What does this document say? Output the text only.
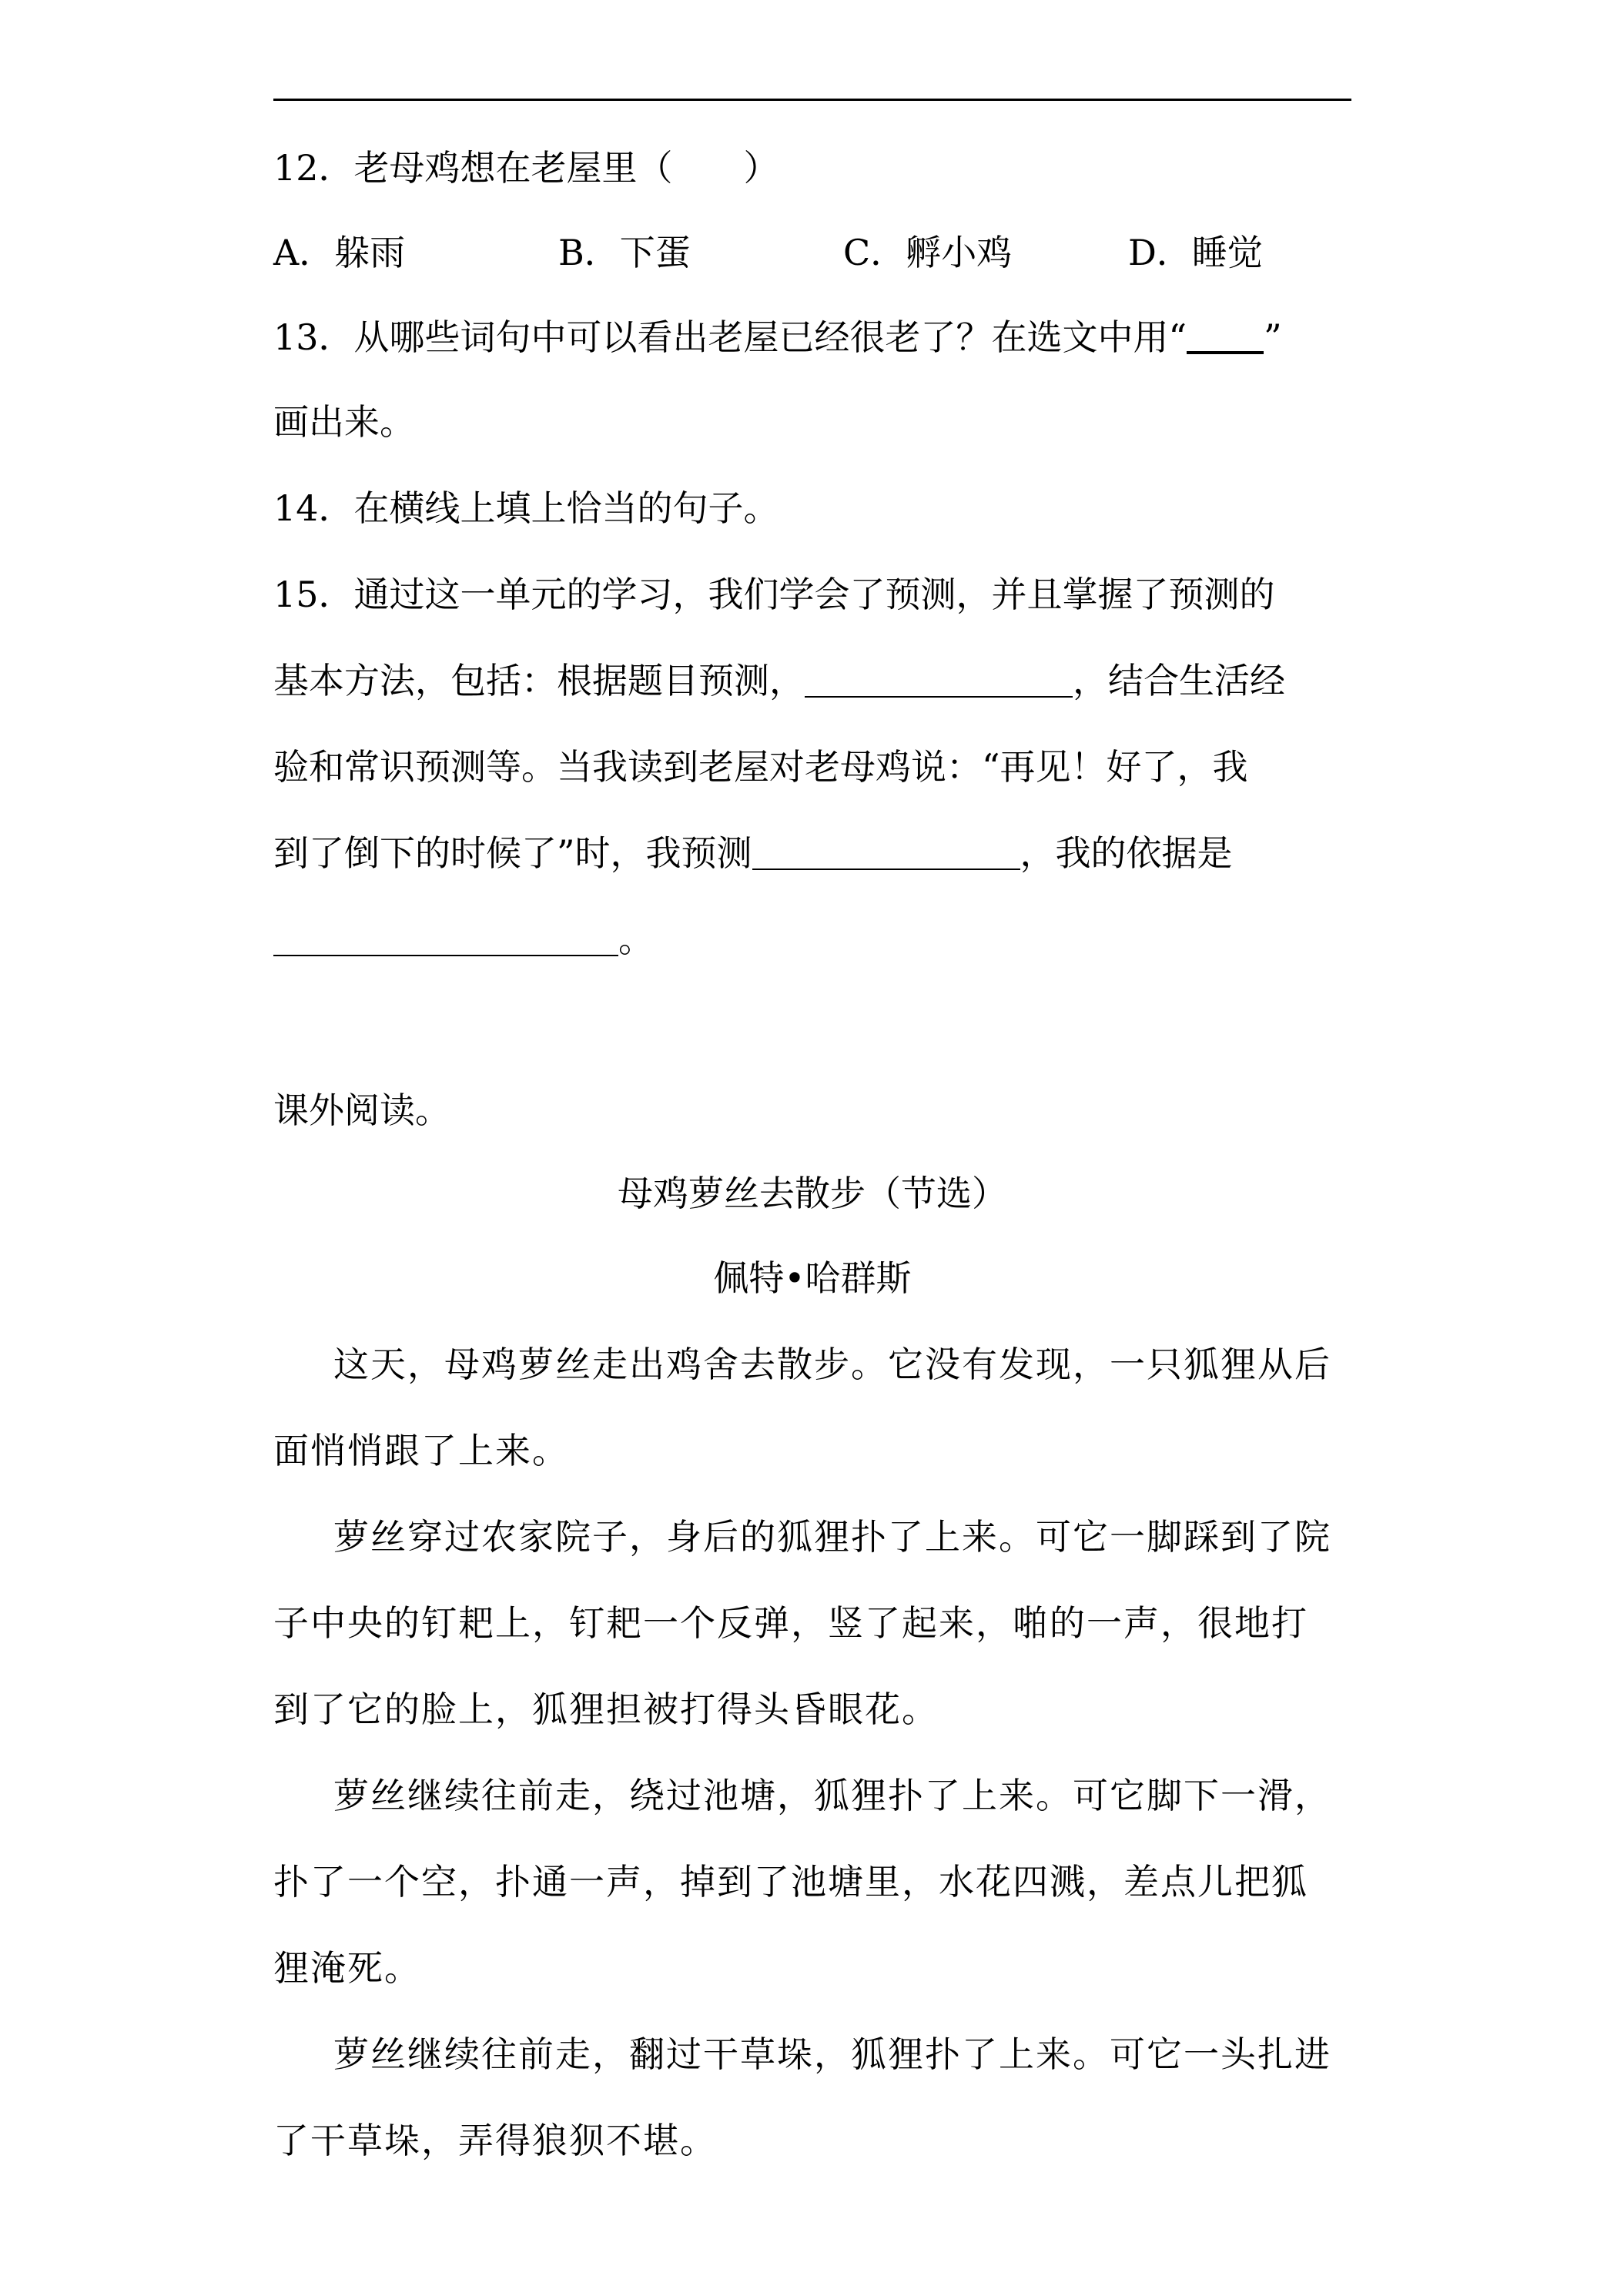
12．老母鸡想在老屋里（　　）
A．躲雨	B．下蛋	C．孵小鸡	D．睡觉
13．从哪些词句中可以看出老屋已经很老了？在选文中用“ ”
画出来。
14．在横线上填上恰当的句子。
15．通过这一单元的学习，我们学会了预测，并且掌握了预测的
基本方法，包括：根据题目预测，	，结合生活经
验和常识预测等。当我读到老屋对老母鸡说：“再见！好了，我
到了倒下的时候了”时，我预测	，我的依据是
。
课外阅读。
母鸡萝丝去散步（节选）
佩特•哈群斯
这天，母鸡萝丝走出鸡舍去散步。它没有发现，一只狐狸从后
面悄悄跟了上来。
萝丝穿过农家院子，身后的狐狸扑了上来。可它一脚踩到了院
子中央的钉耙上，钉耙一个反弹，竖了起来，啪的一声，很地打
到了它的脸上，狐狸担被打得头昏眼花。
萝丝继续往前走，绕过池塘，狐狸扑了上来。可它脚下一滑，
扑了一个空，扑通一声，掉到了池塘里，水花四溅，差点儿把狐
狸淹死。
萝丝继续往前走，翻过干草垛，狐狸扑了上来。可它一头扎进
了干草垛，弄得狼狈不堪。
